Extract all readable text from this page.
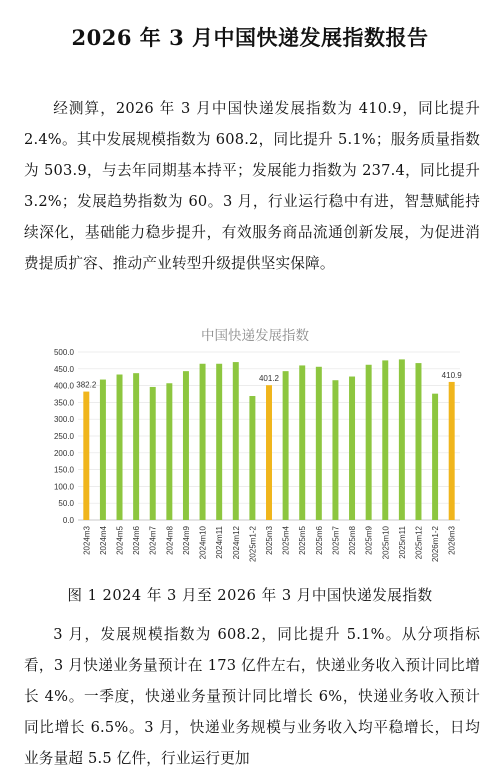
2026 年 3 月中国快递发展指数报告
经测算，2026 年 3 月中国快递发展指数为 410.9，同比提升 2.4%。其中发展规模指数为 608.2，同比提升 5.1%；服务质量指数为 503.9，与去年同期基本持平；发展能力指数为 237.4，同比提升 3.2%；发展趋势指数为 60。3 月，行业运行稳中有进，智慧赋能持续深化，基础能力稳步提升，有效服务商品流通创新发展，为促进消费提质扩容、推动产业转型升级提供坚实保障。
中国快递发展指数
0.0
50.0
100.0
150.0
200.0
250.0
300.0
350.0
400.0
450.0
500.0
382.2
401.2	410.9
2024m3 2024m4 2024m5 2024m6 2024m7 2024m8 2024m9 2024m10 2024m11 2024m12 2025m1-2 2025m3 2025m4 2025m5 2025m6 2025m7 2025m8 2025m9 2025m10 2025m11 2025m12 2026m1-2 2026m3
图 1 2024 年 3 月至 2026 年 3 月中国快递发展指数
3 月，发展规模指数为 608.2，同比提升 5.1%。从分项指标看，3 月快递业务量预计在 173 亿件左右，快递业务收入预计同比增长 4%。一季度，快递业务量预计同比增长 6%，快递业务收入预计同比增长 6.5%。3 月，快递业务规模与业务收入均平稳增长，日均业务量超 5.5 亿件，行业运行更加
